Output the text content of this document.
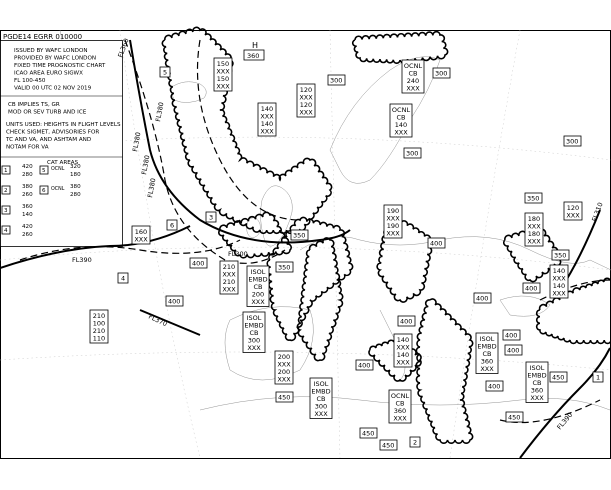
PGDE14 EGRR 010000
ISSUED BY WAFC LONDON
PROVIDED BY WAFC LONDON
FIXED TIME PROGNOSTIC CHART
ICAO AREA EURO SIGWX
FL 100-450
VALID 00 UTC 02 NOV 2019
CB IMPLIES TS, GR
MOD OR SEV TURB AND ICE
UNITS USED: HEIGHTS IN FLIGHT LEVELS
CHECK SIGMET, ADVISORIES FOR
TC AND VA, AND ASHTAM AND
NOTAM FOR VA
CAT AREAS
1
420
280
2
380
260
3
360
140
4
420
260
5 OCNL 320
180
6 OCNL 380
280
H
360
300
300
300
300
350
350
350
350
400
400
400	400
400
400
400
400
450
450
450
450
450
400
400
OCNL
CB
240
XXX
OCNL
CB
140
XXX
ISOL
EMBD
CB
200
XXX
ISOL
EMBD
CB
300
XXX
ISOL
EMBD
CB
360
XXX	ISOL
EMBD
CB
360
XXX
ISOL
EMBD
CB
300
XXX
OCNL
CB
360
XXX
150
XXX
150
XXX	120
XXX
120
XXX
140
XXX
140
XXX
190
XXX
190
XXX
160
XXX
210
XXX
210
XXX
210
100
210
110
200
XXX
200
XXX
140
XXX
140
XXX
180
XXX
180
XXX
120
XXX
140
XXX
140
XXX
FL360
FL380
FL300
FL370
FL310
FL390
FL390
FL380
FL380
FL380
1
2
3
4
5
6
